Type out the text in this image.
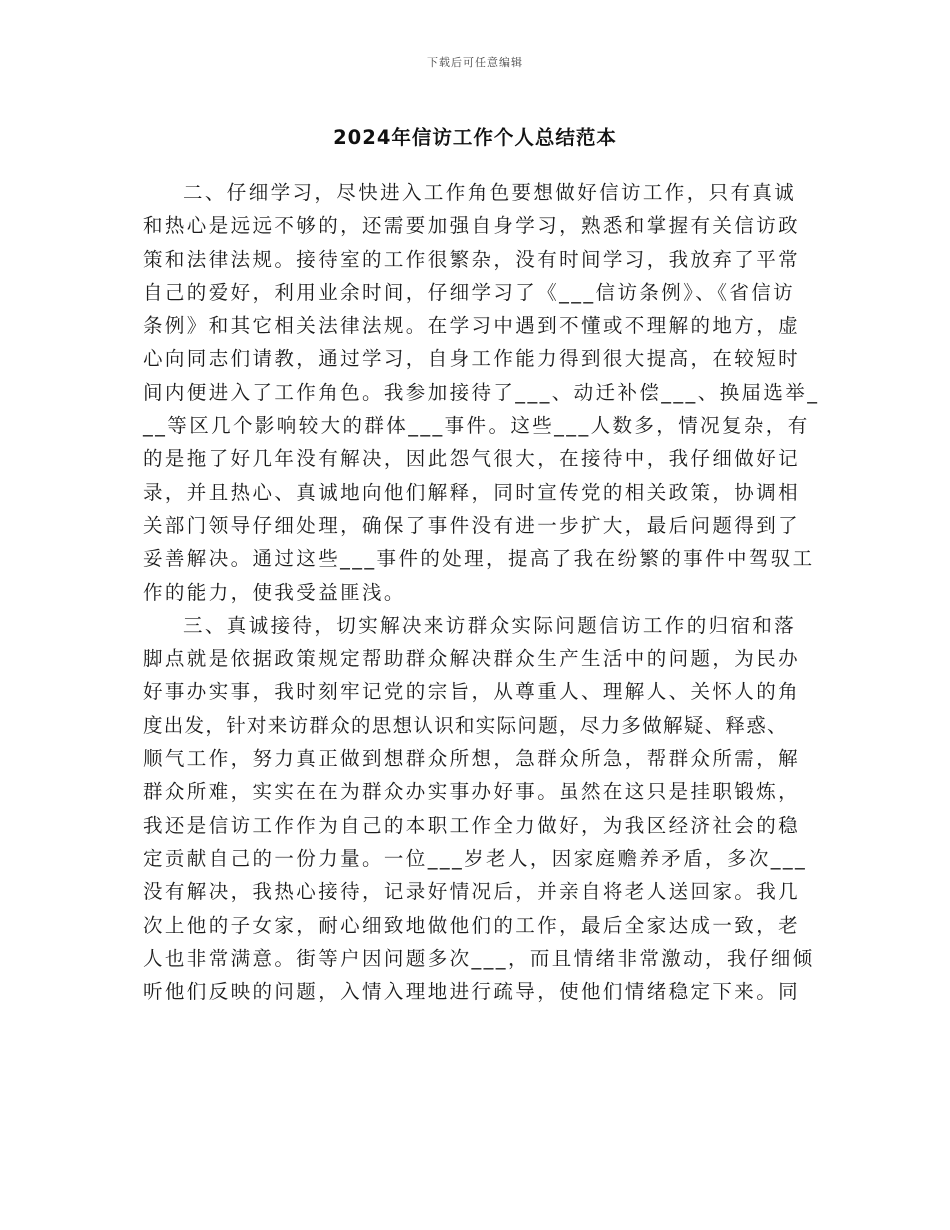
下载后可任意编辑
2024年信访工作个人总结范本
二、仔细学习，尽快进入工作角色要想做好信访工作，只有真诚
和热心是远远不够的，还需要加强自身学习，熟悉和掌握有关信访政
策和法律法规。接待室的工作很繁杂，没有时间学习，我放弃了平常
自己的爱好，利用业余时间，仔细学习了《___信访条例》、《省信访
条例》和其它相关法律法规。在学习中遇到不懂或不理解的地方，虚
心向同志们请教，通过学习，自身工作能力得到很大提高，在较短时
间内便进入了工作角色。我参加接待了___、动迁补偿___、换届选举_
__等区几个影响较大的群体___事件。这些___人数多，情况复杂，有
的是拖了好几年没有解决，因此怨气很大，在接待中，我仔细做好记
录，并且热心、真诚地向他们解释，同时宣传党的相关政策，协调相
关部门领导仔细处理，确保了事件没有进一步扩大，最后问题得到了
妥善解决。通过这些___事件的处理，提高了我在纷繁的事件中驾驭工
作的能力，使我受益匪浅。
三、真诚接待，切实解决来访群众实际问题信访工作的归宿和落
脚点就是依据政策规定帮助群众解决群众生产生活中的问题，为民办
好事办实事，我时刻牢记党的宗旨，从尊重人、理解人、关怀人的角
度出发，针对来访群众的思想认识和实际问题，尽力多做解疑、释惑、
顺气工作，努力真正做到想群众所想，急群众所急，帮群众所需，解
群众所难，实实在在为群众办实事办好事。虽然在这只是挂职锻炼，
我还是信访工作作为自己的本职工作全力做好，为我区经济社会的稳
定贡献自己的一份力量。一位___岁老人，因家庭赡养矛盾，多次___
没有解决，我热心接待，记录好情况后，并亲自将老人送回家。我几
次上他的子女家，耐心细致地做他们的工作，最后全家达成一致，老
人也非常满意。街等户因问题多次___，而且情绪非常激动，我仔细倾
听他们反映的问题，入情入理地进行疏导，使他们情绪稳定下来。同
